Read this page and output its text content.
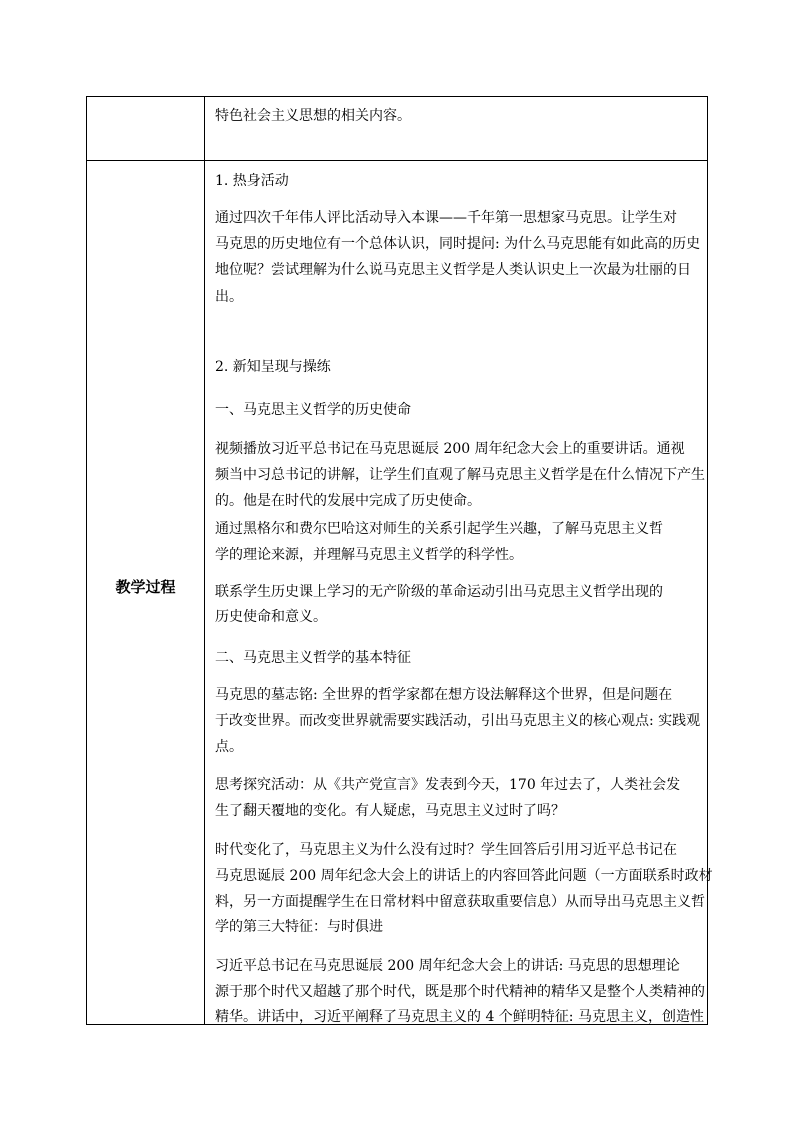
特色社会主义思想的相关内容。
教学过程
1. 热身活动
通过四次千年伟人评比活动导入本课——千年第一思想家马克思。让学生对
马克思的历史地位有一个总体认识，同时提问: 为什么马克思能有如此高的历史
地位呢？尝试理解为什么说马克思主义哲学是人类认识史上一次最为壮丽的日
出。
2. 新知呈现与操练
一、马克思主义哲学的历史使命
视频播放习近平总书记在马克思诞辰 200 周年纪念大会上的重要讲话。通视
频当中习总书记的讲解，让学生们直观了解马克思主义哲学是在什么情况下产生
的。他是在时代的发展中完成了历史使命。
通过黑格尔和费尔巴哈这对师生的关系引起学生兴趣，了解马克思主义哲
学的理论来源，并理解马克思主义哲学的科学性。
联系学生历史课上学习的无产阶级的革命运动引出马克思主义哲学出现的
历史使命和意义。
二、马克思主义哲学的基本特征
马克思的墓志铭: 全世界的哲学家都在想方设法解释这个世界，但是问题在
于改变世界。而改变世界就需要实践活动，引出马克思主义的核心观点: 实践观
点。
思考探究活动：从《共产党宣言》发表到今天，170 年过去了，人类社会发
生了翻天覆地的变化。有人疑虑，马克思主义过时了吗？
时代变化了，马克思主义为什么没有过时？学生回答后引用习近平总书记在
马克思诞辰 200 周年纪念大会上的讲话上的内容回答此问题（一方面联系时政材
料，另一方面提醒学生在日常材料中留意获取重要信息）从而导出马克思主义哲
学的第三大特征：与时俱进
习近平总书记在马克思诞辰 200 周年纪念大会上的讲话: 马克思的思想理论
源于那个时代又超越了那个时代，既是那个时代精神的精华又是整个人类精神的
精华。讲话中，习近平阐释了马克思主义的 4 个鲜明特征: 马克思主义，创造性
